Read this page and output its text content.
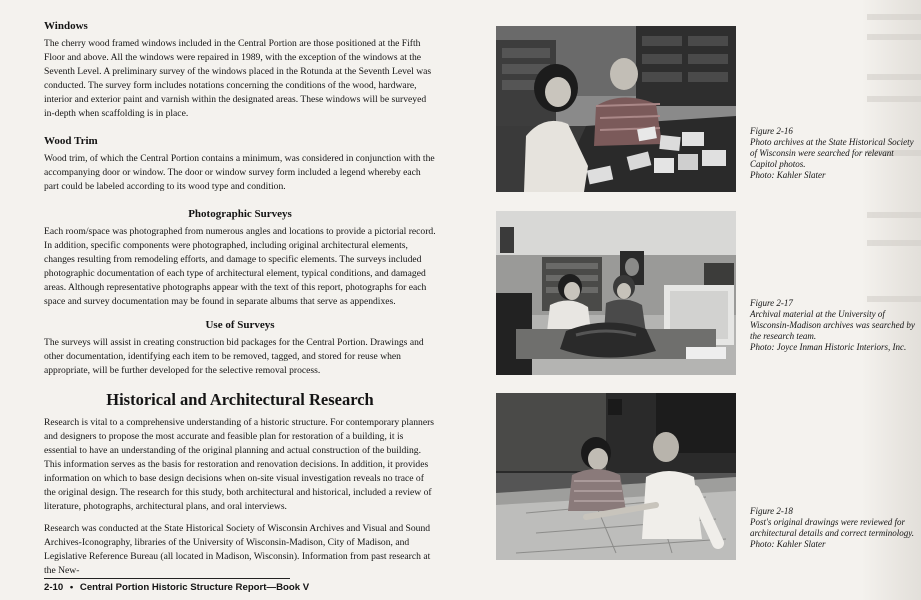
Windows

The cherry wood framed windows included in the Central Portion are those positioned at the Fifth Floor and above. All the windows were repaired in 1989, with the exception of the windows at the Seventh Level. A preliminary survey of the windows placed in the Rotunda at the Seventh Level was conducted. The survey form includes notations concerning the conditions of the wood, hardware, interior and exterior paint and varnish within the designated areas. These windows will be surveyed in-depth when scaffolding is in place.

Wood Trim

Wood trim, of which the Central Portion contains a minimum, was considered in conjunction with the accompanying door or window. The door or window survey form included a legend whereby each part could be labeled according to its wood type and condition.

Photographic Surveys

Each room/space was photographed from numerous angles and locations to provide a pictorial record. In addition, specific components were photographed, including original architectural elements, changes resulting from remodeling efforts, and damage to specific elements. The surveys included photographic documentation of each type of architectural element, typical conditions, and damaged areas. Although representative photographs appear with the text of this report, photographs for each space and survey documentation may be found in separate albums that serve as appendixes.

Use of Surveys

The surveys will assist in creating construction bid packages for the Central Portion. Drawings and other documentation, identifying each item to be removed, tagged, and stored for reuse when appropriate, will be further developed for the selective removal process.

Historical and Architectural Research

Research is vital to a comprehensive understanding of a historic structure. For contemporary planners and designers to propose the most accurate and feasible plan for restoration of a building, it is essential to have an understanding of the original planning and actual construction of the building. This information serves as the basis for restoration and renovation decisions. In addition, it provides information on which to base design decisions when on-site visual investigation reveals no trace of the original design. The research for this study, both architectural and historical, included a review of literature, photographs, architectural plans, and oral interviews.

Research was conducted at the State Historical Society of Wisconsin Archives and Visual and Sound Archives-Iconography, libraries of the University of Wisconsin-Madison, City of Madison, and Legislative Reference Bureau (all located in Madison, Wisconsin). Information from past research at the New-

2-10 • Central Portion Historic Structure Report—Book V
Figure 2-16
Photo archives at the State Historical Society of Wisconsin were searched for relevant Capitol photos.
Photo: Kahler Slater
Figure 2-17
Archival material at the University of Wisconsin-Madison archives was searched by the research team.
Photo: Joyce Inman Historic Interiors, Inc.
Figure 2-18
Post's original drawings were reviewed for architectural details and correct terminology.
Photo: Kahler Slater
